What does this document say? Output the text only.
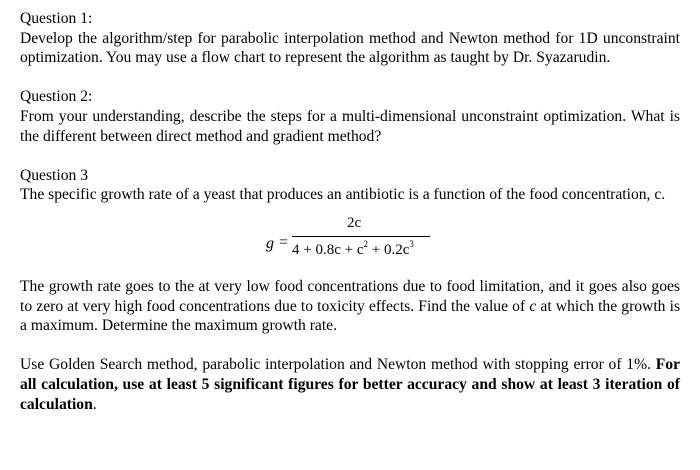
Question 1:

Develop the algorithm/step for parabolic interpolation method and Newton method for 1D unconstraint optimization. You may use a flow chart to represent the algorithm as taught by Dr. Syazarudin.

Question 2:

From your understanding, describe the steps for a multi-dimensional unconstraint optimization. What is the different between direct method and gradient method?

Question 3

The specific growth rate of a yeast that produces an antibiotic is a function of the food concentration, c.

g =
2c
$4 + 0.8c + c^2 + 0.2c^3$

The growth rate goes to the at very low food concentrations due to food limitation, and it goes also goes to zero at very high food concentrations due to toxicity effects. Find the value of c at which the growth is a maximum. Determine the maximum growth rate.

Use Golden Search method, parabolic interpolation and Newton method with stopping error of 1%. For all calculation, use at least 5 significant figures for better accuracy and show at least 3 iteration of calculation.
